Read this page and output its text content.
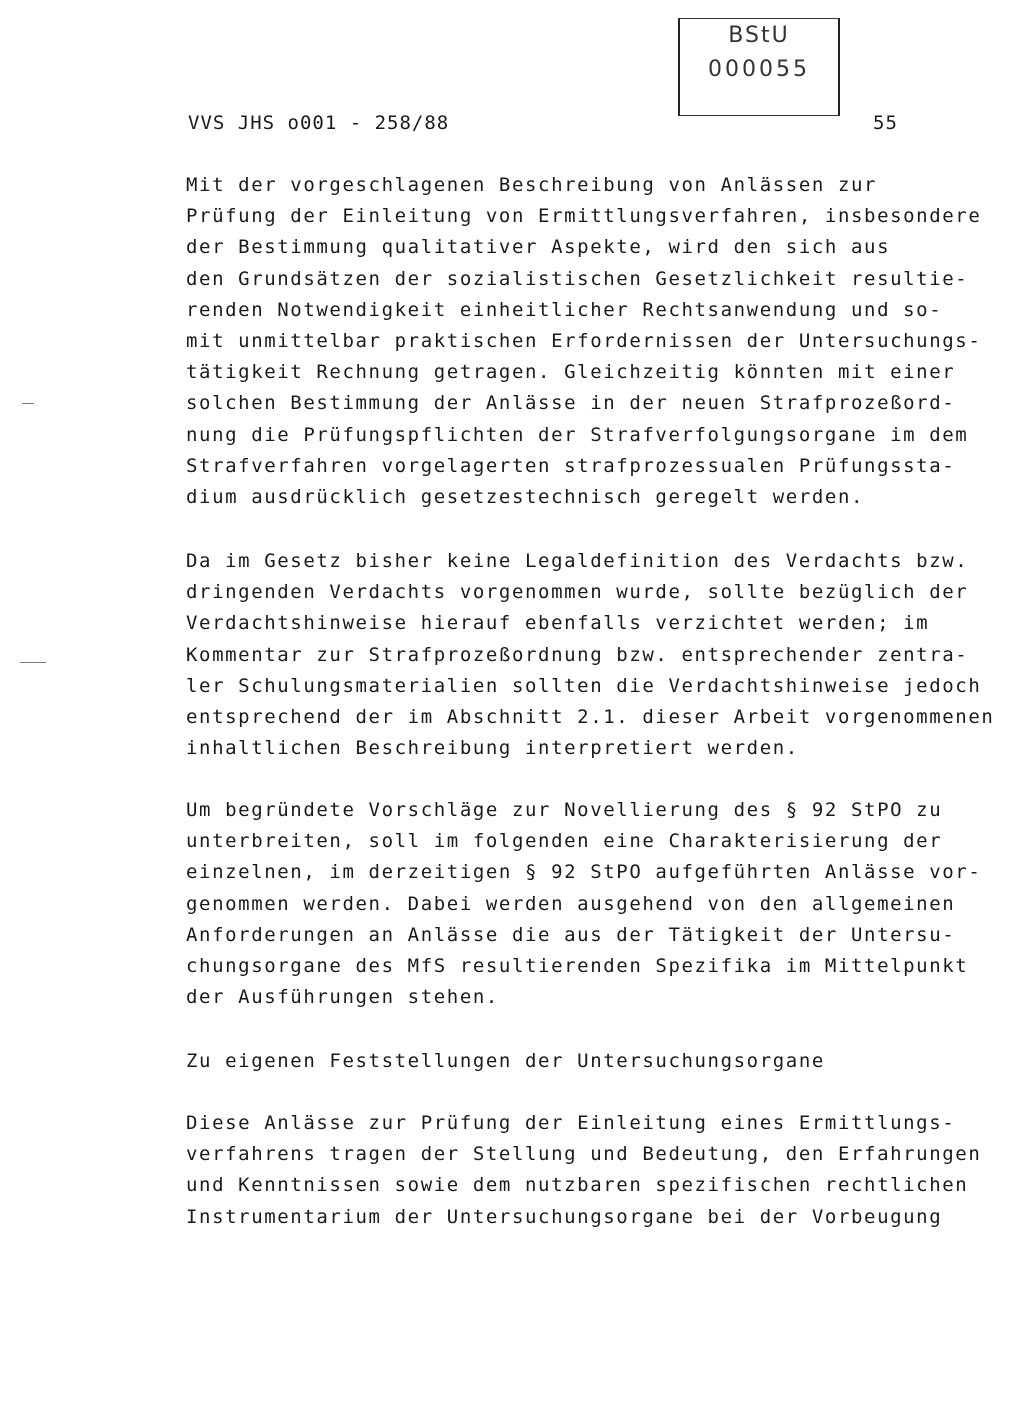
BStU
000055
VVS JHS o001 - 258/88	55
Mit der vorgeschlagenen Beschreibung von Anlässen zur
Prüfung der Einleitung von Ermittlungsverfahren, insbesondere
der Bestimmung qualitativer Aspekte, wird den sich aus
den Grundsätzen der sozialistischen Gesetzlichkeit resultie-
renden Notwendigkeit einheitlicher Rechtsanwendung und so-
mit unmittelbar praktischen Erfordernissen der Untersuchungs-
tätigkeit Rechnung getragen. Gleichzeitig könnten mit einer
solchen Bestimmung der Anlässe in der neuen Strafprozeßord-
nung die Prüfungspflichten der Strafverfolgungsorgane im dem
Strafverfahren vorgelagerten strafprozessualen Prüfungssta-
dium ausdrücklich gesetzestechnisch geregelt werden.
Da im Gesetz bisher keine Legaldefinition des Verdachts bzw.
dringenden Verdachts vorgenommen wurde, sollte bezüglich der
Verdachtshinweise hierauf ebenfalls verzichtet werden; im
Kommentar zur Strafprozeßordnung bzw. entsprechender zentra-
ler Schulungsmaterialien sollten die Verdachtshinweise jedoch
entsprechend der im Abschnitt 2.1. dieser Arbeit vorgenommenen
inhaltlichen Beschreibung interpretiert werden.
Um begründete Vorschläge zur Novellierung des § 92 StPO zu
unterbreiten, soll im folgenden eine Charakterisierung der
einzelnen, im derzeitigen § 92 StPO aufgeführten Anlässe vor-
genommen werden. Dabei werden ausgehend von den allgemeinen
Anforderungen an Anlässe die aus der Tätigkeit der Untersu-
chungsorgane des MfS resultierenden Spezifika im Mittelpunkt
der Ausführungen stehen.
Zu eigenen Feststellungen der Untersuchungsorgane
Diese Anlässe zur Prüfung der Einleitung eines Ermittlungs-
verfahrens tragen der Stellung und Bedeutung, den Erfahrungen
und Kenntnissen sowie dem nutzbaren spezifischen rechtlichen
Instrumentarium der Untersuchungsorgane bei der Vorbeugung
